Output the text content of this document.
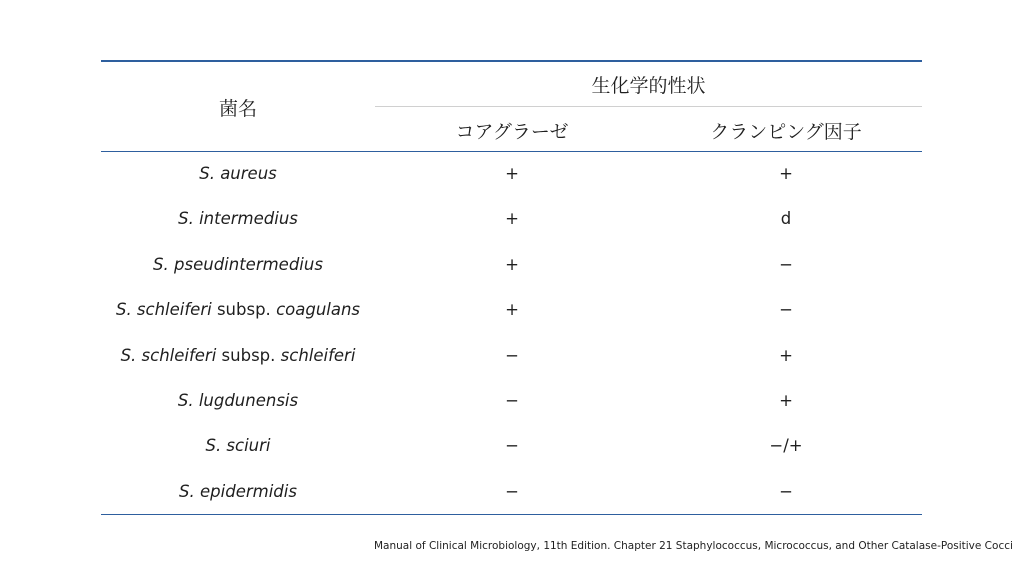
菌名
生化学的性状
コアグラーゼ	クランピング因子
S. aureus	+	+
S. intermedius	+	d
S. pseudintermedius	+	−
S. schleiferi subsp. coagulans	+	−
S. schleiferi subsp. schleiferi	−	+
S. lugdunensis	−	+
S. sciuri	−	−/+
S. epidermidis	−	−
Manual of Clinical Microbiology, 11th Edition. Chapter 21 Staphylococcus, Micrococcus, and Other Catalase-Positive Cocci
